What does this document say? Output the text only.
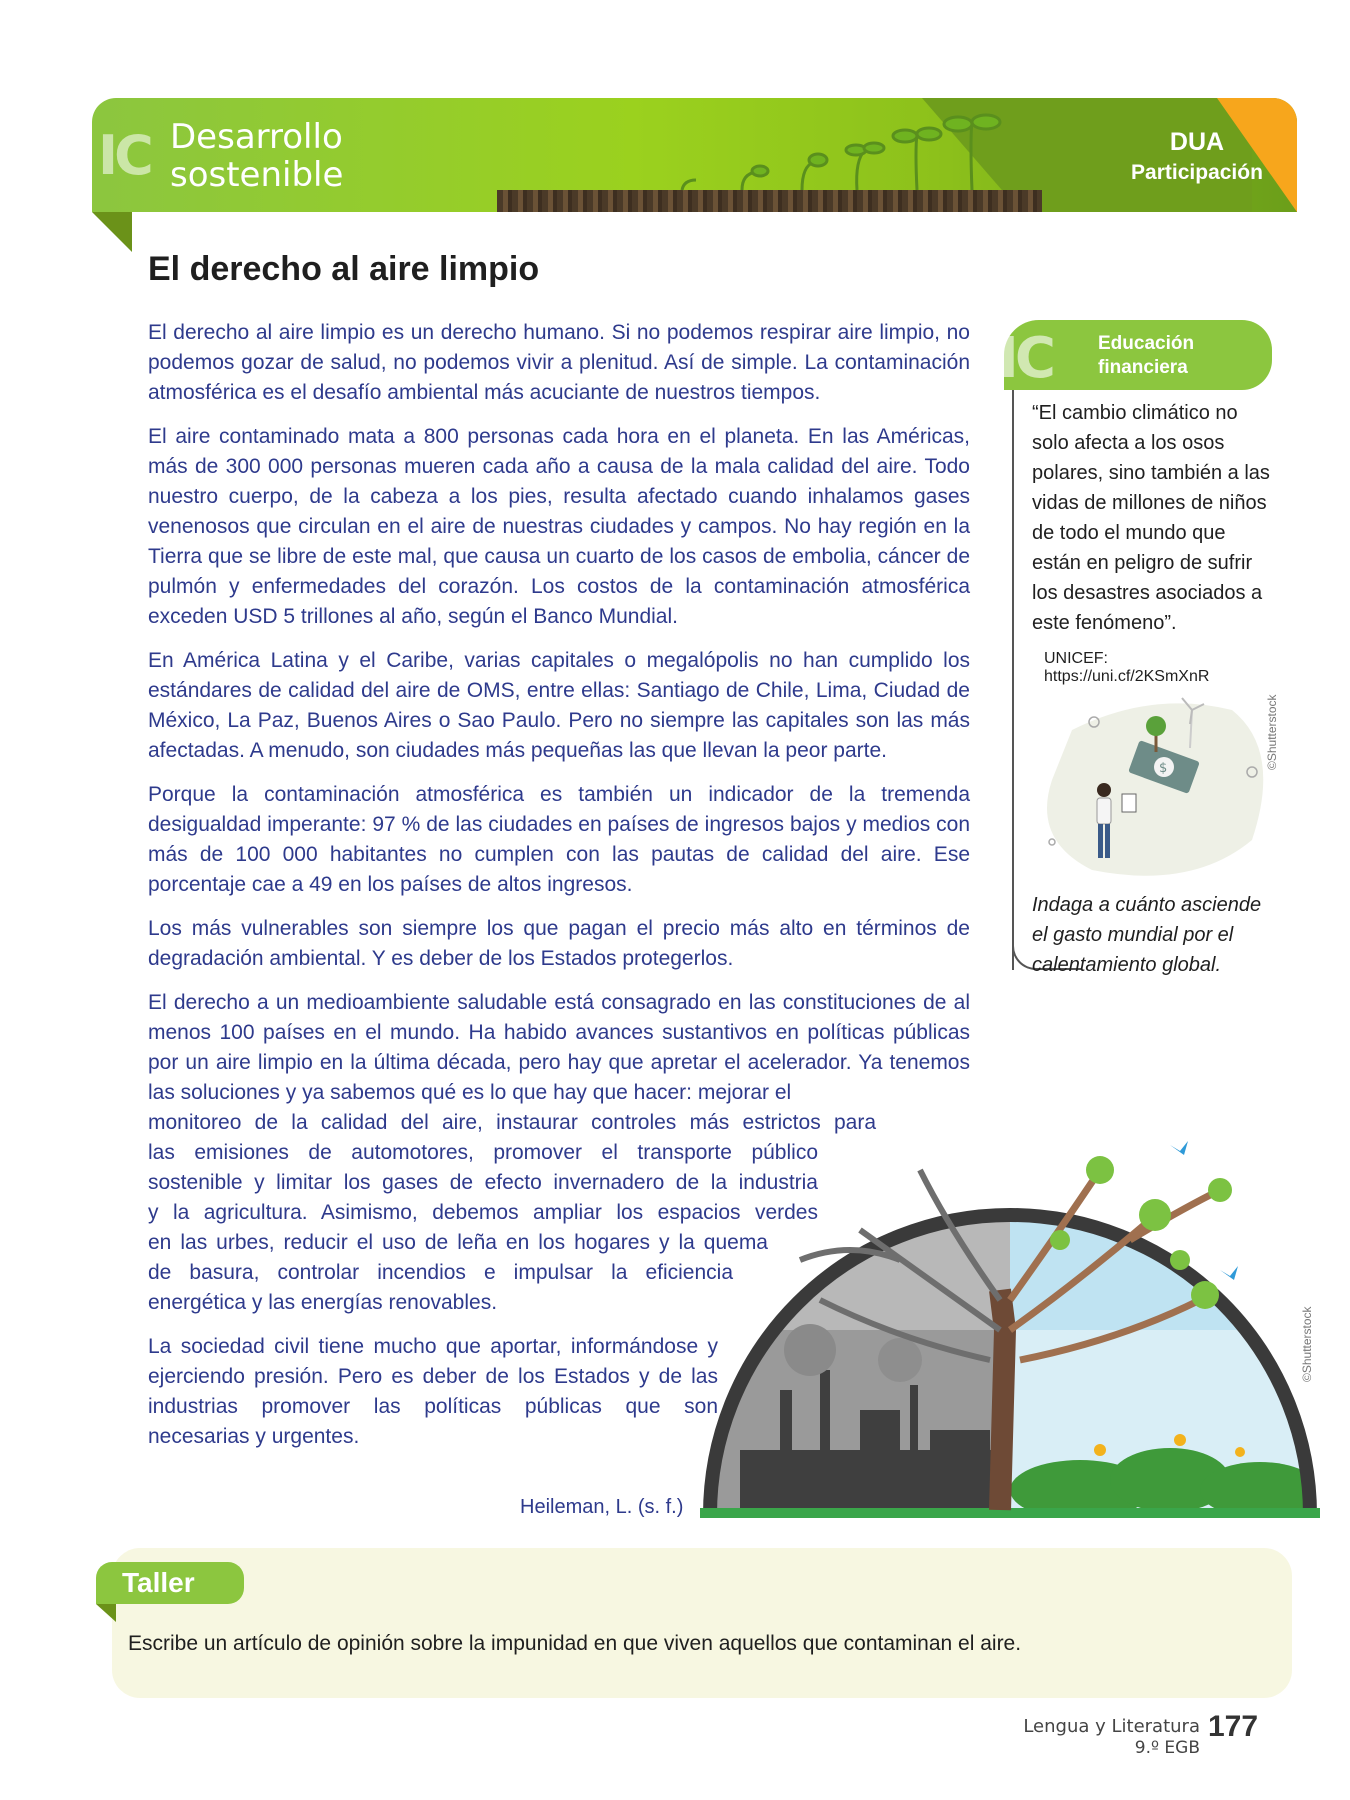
IC Desarrollo
sostenible
DUA
Participación
El derecho al aire limpio

El derecho al aire limpio es un derecho humano. Si no podemos respirar aire limpio, no podemos gozar de salud, no podemos vivir a plenitud. Así de simple. La contaminación atmosférica es el desafío ambiental más acuciante de nuestros tiempos.

El aire contaminado mata a 800 personas cada hora en el planeta. En las Américas, más de 300 000 personas mueren cada año a causa de la mala calidad del aire. Todo nuestro cuerpo, de la cabeza a los pies, resulta afectado cuando inhalamos gases venenosos que circulan en el aire de nuestras ciudades y campos. No hay región en la Tierra que se libre de este mal, que causa un cuarto de los casos de embolia, cáncer de pulmón y enfermedades del corazón. Los costos de la contaminación atmosférica exceden USD 5 trillones al año, según el Banco Mundial.

En América Latina y el Caribe, varias capitales o megalópolis no han cumplido los estándares de calidad del aire de OMS, entre ellas: Santiago de Chile, Lima, Ciudad de México, La Paz, Buenos Aires o Sao Paulo. Pero no siempre las capitales son las más afectadas. A menudo, son ciudades más pequeñas las que llevan la peor parte.

Porque la contaminación atmosférica es también un indicador de la tremenda desigualdad imperante: 97 % de las ciudades en países de ingresos bajos y medios con más de 100 000 habitantes no cumplen con las pautas de calidad del aire. Ese porcentaje cae a 49 en los países de altos ingresos.

Los más vulnerables son siempre los que pagan el precio más alto en términos de degradación ambiental. Y es deber de los Estados protegerlos.

El derecho a un medioambiente saludable está consagrado en las constituciones de al menos 100 países en el mundo. Ha habido avances sustantivos en políticas públicas por un aire limpio en la última década, pero hay que apretar el acelerador. Ya tenemos las soluciones y ya sabemos qué es lo que hay que hacer: mejorar el

monitoreo de la calidad del aire, instaurar controles más estrictos para
las emisiones de automotores, promover el transporte público
sostenible y limitar los gases de efecto invernadero de la industria
y la agricultura. Asimismo, debemos ampliar los espacios verdes
en las urbes, reducir el uso de leña en los hogares y la quema
de basura, controlar incendios e impulsar la eficiencia
energética y las energías renovables.

La sociedad civil tiene mucho que aportar, informándose y ejerciendo presión. Pero es deber de los Estados y de las industrias promover las políticas públicas que son necesarias y urgentes.

Heileman, L. (s. f.)
IC Educación
financiera
“El cambio climático no solo afecta a los osos polares, sino también a las vidas de millones de niños de todo el mundo que están en peligro de sufrir los desastres asociados a este fenómeno”.
UNICEF: https://uni.cf/2KSmXnR
$
Indaga a cuánto asciende el gasto mundial por el calentamiento global.
©Shutterstock
©Shutterstock
Taller
Escribe un artículo de opinión sobre la impunidad en que viven aquellos que contaminan el aire.
Lengua y Literatura
9.º EGB
177
